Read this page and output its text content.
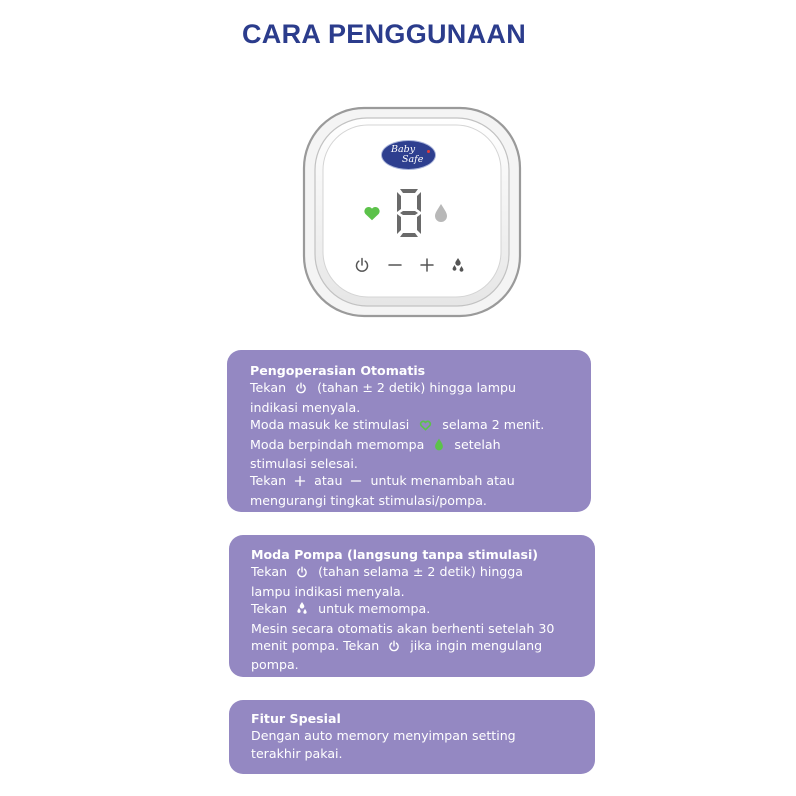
CARA PENGGUNAAN
Baby
Safe
Pengoperasian Otomatis
Tekan (tahan ± 2 detik) hingga lampu
indikasi menyala.
Moda masuk ke stimulasi	selama 2 menit.
Moda berpindah memompa setelah
stimulasi selesai.
Tekan atau untuk menambah atau
mengurangi tingkat stimulasi/pompa.
Moda Pompa (langsung tanpa stimulasi)
Tekan (tahan selama ± 2 detik) hingga
lampu indikasi menyala.
Tekan untuk memompa.
Mesin secara otomatis akan berhenti setelah 30
menit pompa. Tekan jika ingin mengulang
pompa.
Fitur Spesial
Dengan auto memory menyimpan setting
terakhir pakai.
